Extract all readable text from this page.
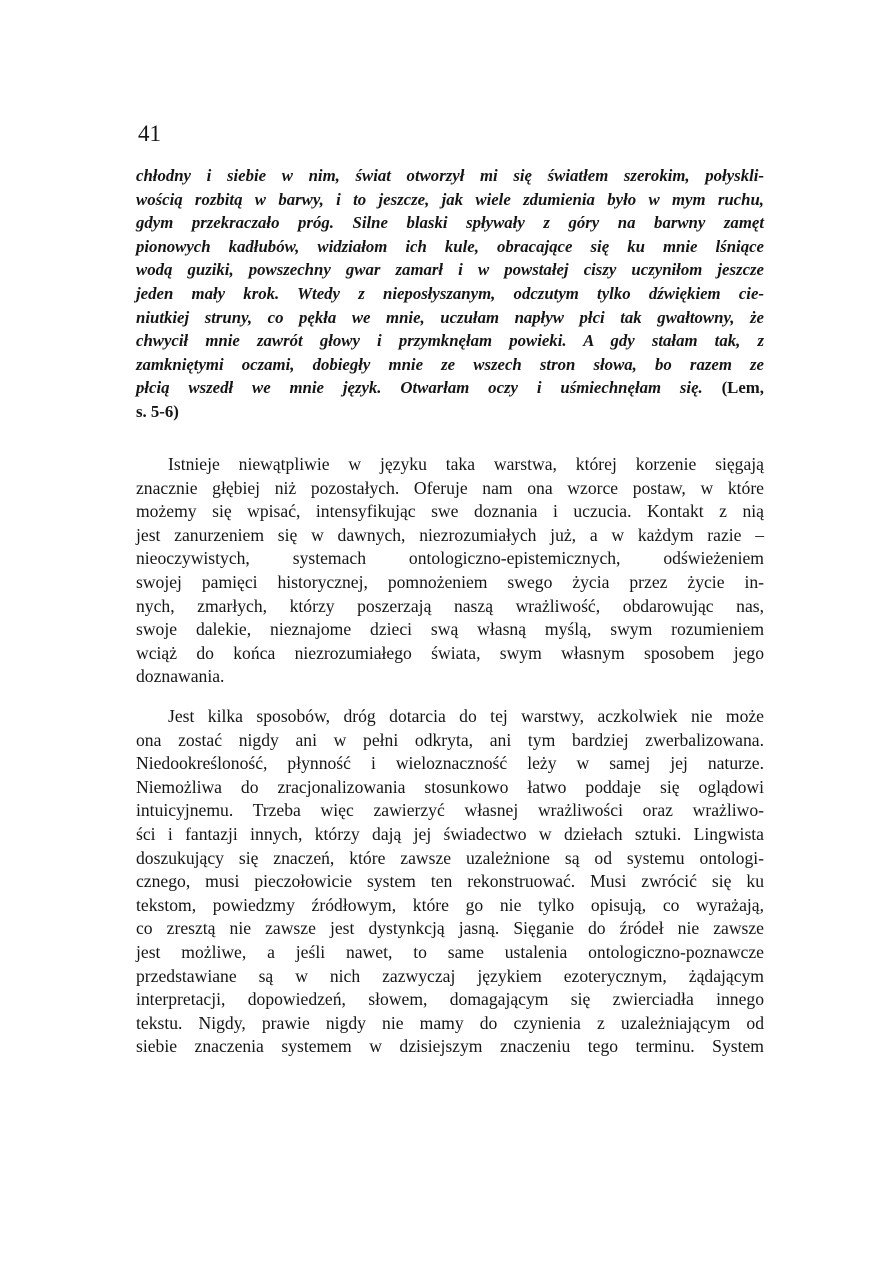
41
chłodny i siebie w nim, świat otworzył mi się światłem szerokim, połyskli-
wością rozbitą w barwy, i to jeszcze, jak wiele zdumienia było w mym ruchu,
gdym przekraczało próg. Silne blaski spływały z góry na barwny zamęt
pionowych kadłubów, widziałom ich kule, obracające się ku mnie lśniące
wodą guziki, powszechny gwar zamarł i w powstałej ciszy uczyniłom jeszcze
jeden mały krok. Wtedy z nieposłyszanym, odczutym tylko dźwiękiem cie-
niutkiej struny, co pękła we mnie, uczułam napływ płci tak gwałtowny, że
chwycił mnie zawrót głowy i przymknęłam powieki. A gdy stałam tak, z
zamkniętymi oczami, dobiegły mnie ze wszech stron słowa, bo razem ze
płcią wszedł we mnie język. Otwarłam oczy i uśmiechnęłam się. (Lem,
s. 5-6)
Istnieje niewątpliwie w języku taka warstwa, której korzenie sięgają
znacznie głębiej niż pozostałych. Oferuje nam ona wzorce postaw, w które
możemy się wpisać, intensyfikując swe doznania i uczucia. Kontakt z nią
jest zanurzeniem się w dawnych, niezrozumiałych już, a w każdym razie –
nieoczywistych, systemach ontologiczno-epistemicznych, odświeżeniem
swojej pamięci historycznej, pomnożeniem swego życia przez życie in-
nych, zmarłych, którzy poszerzają naszą wrażliwość, obdarowując nas,
swoje dalekie, nieznajome dzieci swą własną myślą, swym rozumieniem
wciąż do końca niezrozumiałego świata, swym własnym sposobem jego
doznawania.
Jest kilka sposobów, dróg dotarcia do tej warstwy, aczkolwiek nie może
ona zostać nigdy ani w pełni odkryta, ani tym bardziej zwerbalizowana.
Niedookreśloność, płynność i wieloznaczność leży w samej jej naturze.
Niemożliwa do zracjonalizowania stosunkowo łatwo poddaje się oglądowi
intuicyjnemu. Trzeba więc zawierzyć własnej wrażliwości oraz wrażliwo-
ści i fantazji innych, którzy dają jej świadectwo w dziełach sztuki. Lingwista
doszukujący się znaczeń, które zawsze uzależnione są od systemu ontologi-
cznego, musi pieczołowicie system ten rekonstruować. Musi zwrócić się ku
tekstom, powiedzmy źródłowym, które go nie tylko opisują, co wyrażają,
co zresztą nie zawsze jest dystynkcją jasną. Sięganie do źródeł nie zawsze
jest możliwe, a jeśli nawet, to same ustalenia ontologiczno-poznawcze
przedstawiane są w nich zazwyczaj językiem ezoterycznym, żądającym
interpretacji, dopowiedzeń, słowem, domagającym się zwierciadła innego
tekstu. Nigdy, prawie nigdy nie mamy do czynienia z uzależniającym od
siebie znaczenia systemem w dzisiejszym znaczeniu tego terminu. System
